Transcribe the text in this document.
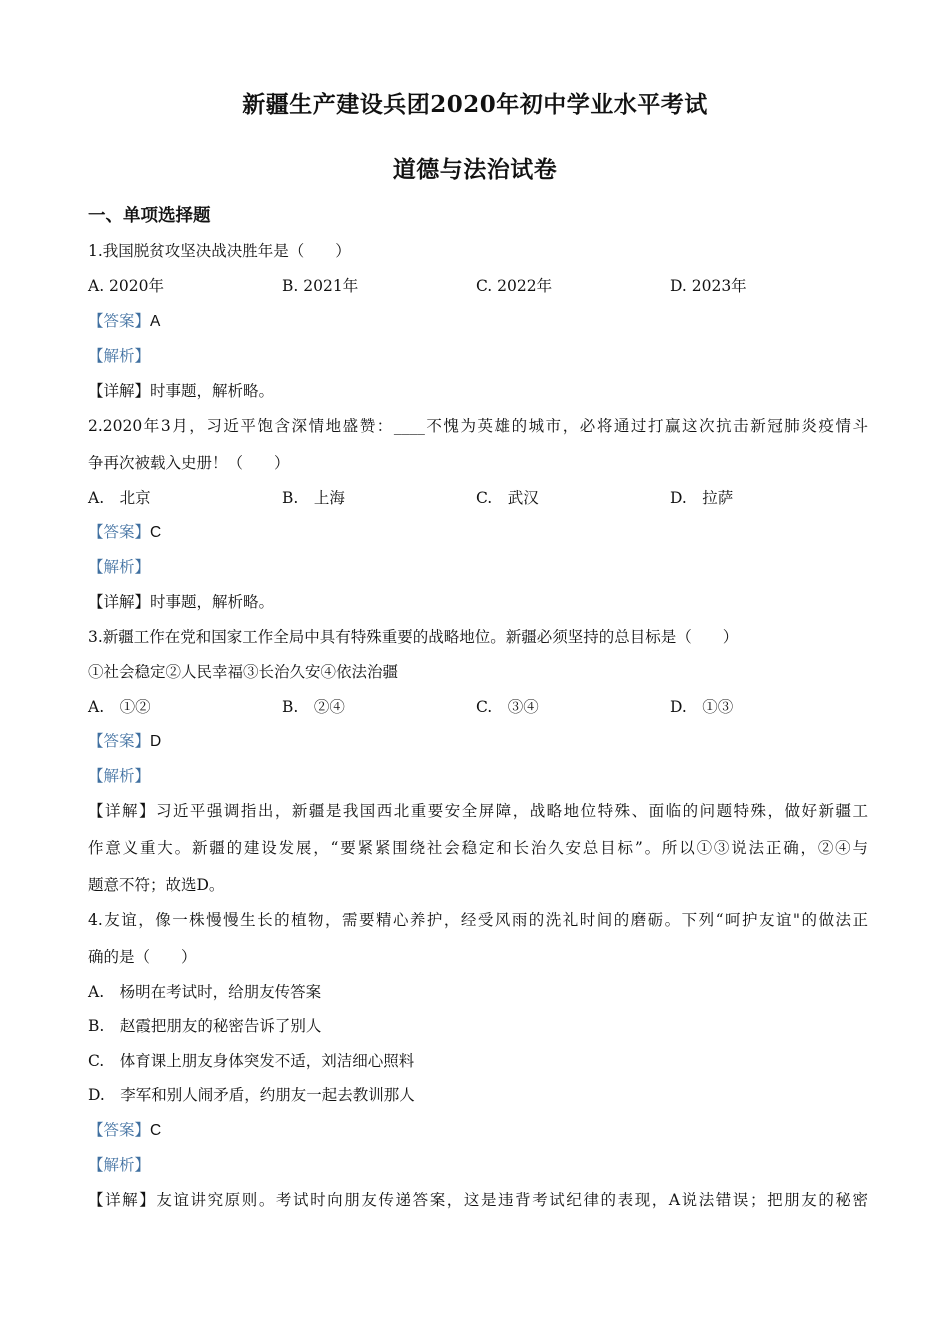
新疆生产建设兵团2020年初中学业水平考试
道德与法治试卷
一、单项选择题
1.我国脱贫攻坚决战决胜年是（　　）
A. 2020年	B. 2021年	C. 2022年	D. 2023年
【答案】A
【解析】
【详解】时事题，解析略。
2.2020年3月，习近平饱含深情地盛赞：____不愧为英雄的城市，必将通过打赢这次抗击新冠肺炎疫情斗
争再次被载入史册！（　　）
A.　北京	B.　上海	C.　武汉	D.　拉萨
【答案】C
【解析】
【详解】时事题，解析略。
3.新疆工作在党和国家工作全局中具有特殊重要的战略地位。新疆必须坚持的总目标是（　　）
①社会稳定②人民幸福③长治久安④依法治疆
A.　①②	B.　②④	C.　③④	D.　①③
【答案】D
【解析】
【详解】习近平强调指出，新疆是我国西北重要安全屏障，战略地位特殊、面临的问题特殊，做好新疆工
作意义重大。新疆的建设发展，“要紧紧围绕社会稳定和长治久安总目标”。所以①③说法正确，②④与
题意不符；故选D。
4.友谊，像一株慢慢生长的植物，需要精心养护，经受风雨的洗礼时间的磨砺。下列“呵护友谊"的做法正
确的是（　　）
A.　杨明在考试时，给朋友传答案
B.　赵霞把朋友的秘密告诉了别人
C.　体育课上朋友身体突发不适，刘洁细心照料
D.　李军和别人闹矛盾，约朋友一起去教训那人
【答案】C
【解析】
【详解】友谊讲究原则。考试时向朋友传递答案，这是违背考试纪律的表现，A说法错误；把朋友的秘密
